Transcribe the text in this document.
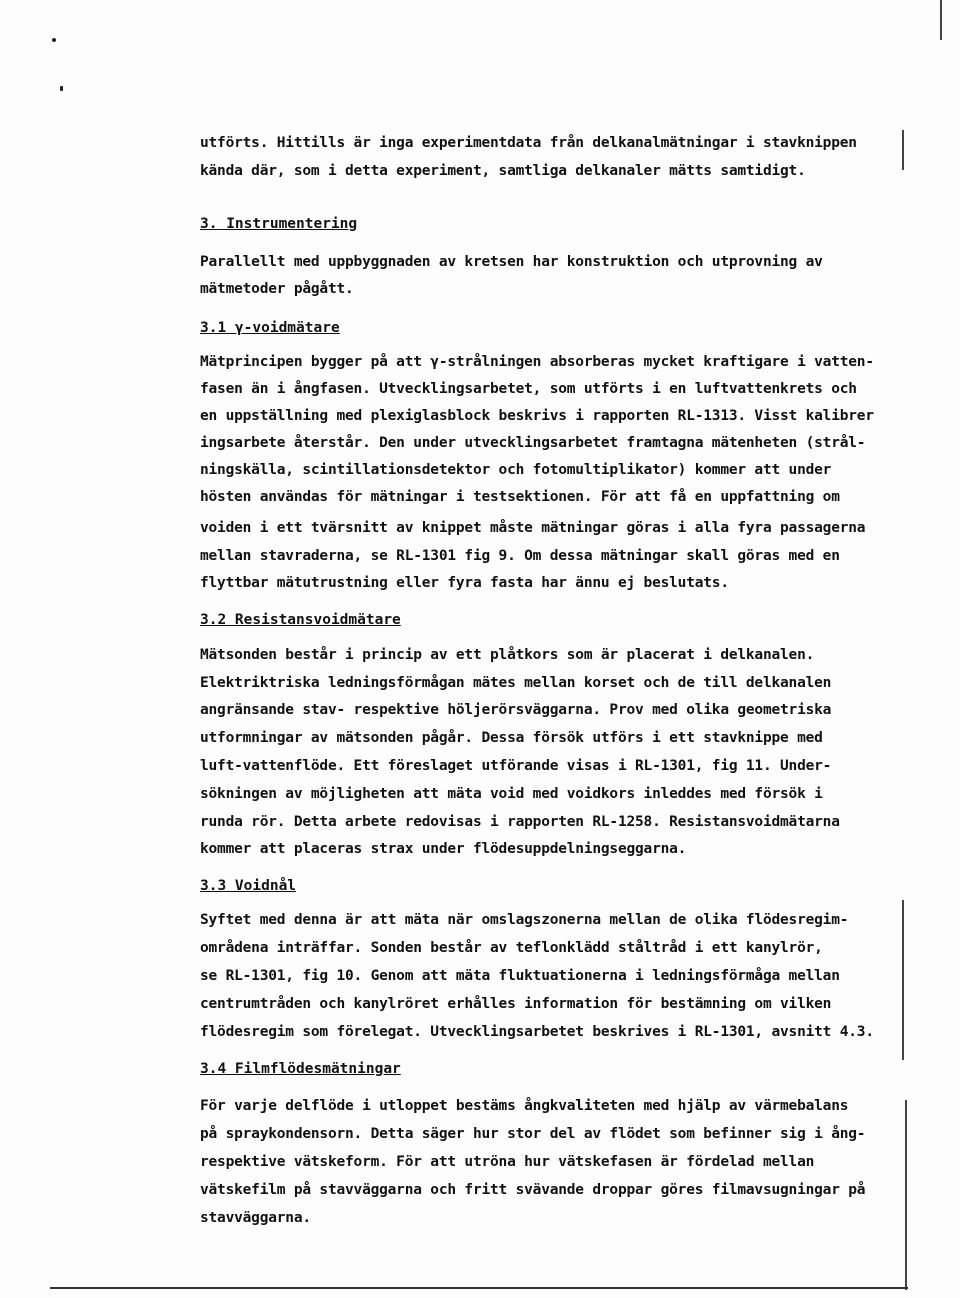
utförts. Hittills är inga experimentdata från delkanalmätningar i stavknippen
kända där, som i detta experiment, samtliga delkanaler mätts samtidigt.
3. Instrumentering
Parallellt med uppbyggnaden av kretsen har konstruktion och utprovning av
mätmetoder pågått.
3.1 γ-voidmätare
Mätprincipen bygger på att γ-strålningen absorberas mycket kraftigare i vatten-
fasen än i ångfasen. Utvecklingsarbetet, som utförts i en luftvattenkrets och
en uppställning med plexiglasblock beskrivs i rapporten RL-1313. Visst kalibrer
ingsarbete återstår. Den under utvecklingsarbetet framtagna mätenheten (strål-
ningskälla, scintillationsdetektor och fotomultiplikator) kommer att under
hösten användas för mätningar i testsektionen. För att få en uppfattning om
voiden i ett tvärsnitt av knippet måste mätningar göras i alla fyra passagerna
mellan stavraderna, se RL-1301 fig 9. Om dessa mätningar skall göras med en
flyttbar mätutrustning eller fyra fasta har ännu ej beslutats.
3.2 Resistansvoidmätare
Mätsonden består i princip av ett plåtkors som är placerat i delkanalen.
Elektriktriska ledningsförmågan mätes mellan korset och de till delkanalen
angränsande stav- respektive höljerörsväggarna. Prov med olika geometriska
utformningar av mätsonden pågår. Dessa försök utförs i ett stavknippe med
luft-vattenflöde. Ett föreslaget utförande visas i RL-1301, fig 11. Under-
sökningen av möjligheten att mäta void med voidkors inleddes med försök i
runda rör. Detta arbete redovisas i rapporten RL-1258. Resistansvoidmätarna
kommer att placeras strax under flödesuppdelningseggarna.
3.3 Voidnål
Syftet med denna är att mäta när omslagszonerna mellan de olika flödesregim-
områdena inträffar. Sonden består av teflonklädd ståltråd i ett kanylrör,
se RL-1301, fig 10. Genom att mäta fluktuationerna i ledningsförmåga mellan
centrumtråden och kanylröret erhålles information för bestämning om vilken
flödesregim som förelegat. Utvecklingsarbetet beskrives i RL-1301, avsnitt 4.3.
3.4 Filmflödesmätningar
För varje delflöde i utloppet bestäms ångkvaliteten med hjälp av värmebalans
på spraykondensorn. Detta säger hur stor del av flödet som befinner sig i ång-
respektive vätskeform. För att utröna hur vätskefasen är fördelad mellan
vätskefilm på stavväggarna och fritt svävande droppar göres filmavsugningar på
stavväggarna.
